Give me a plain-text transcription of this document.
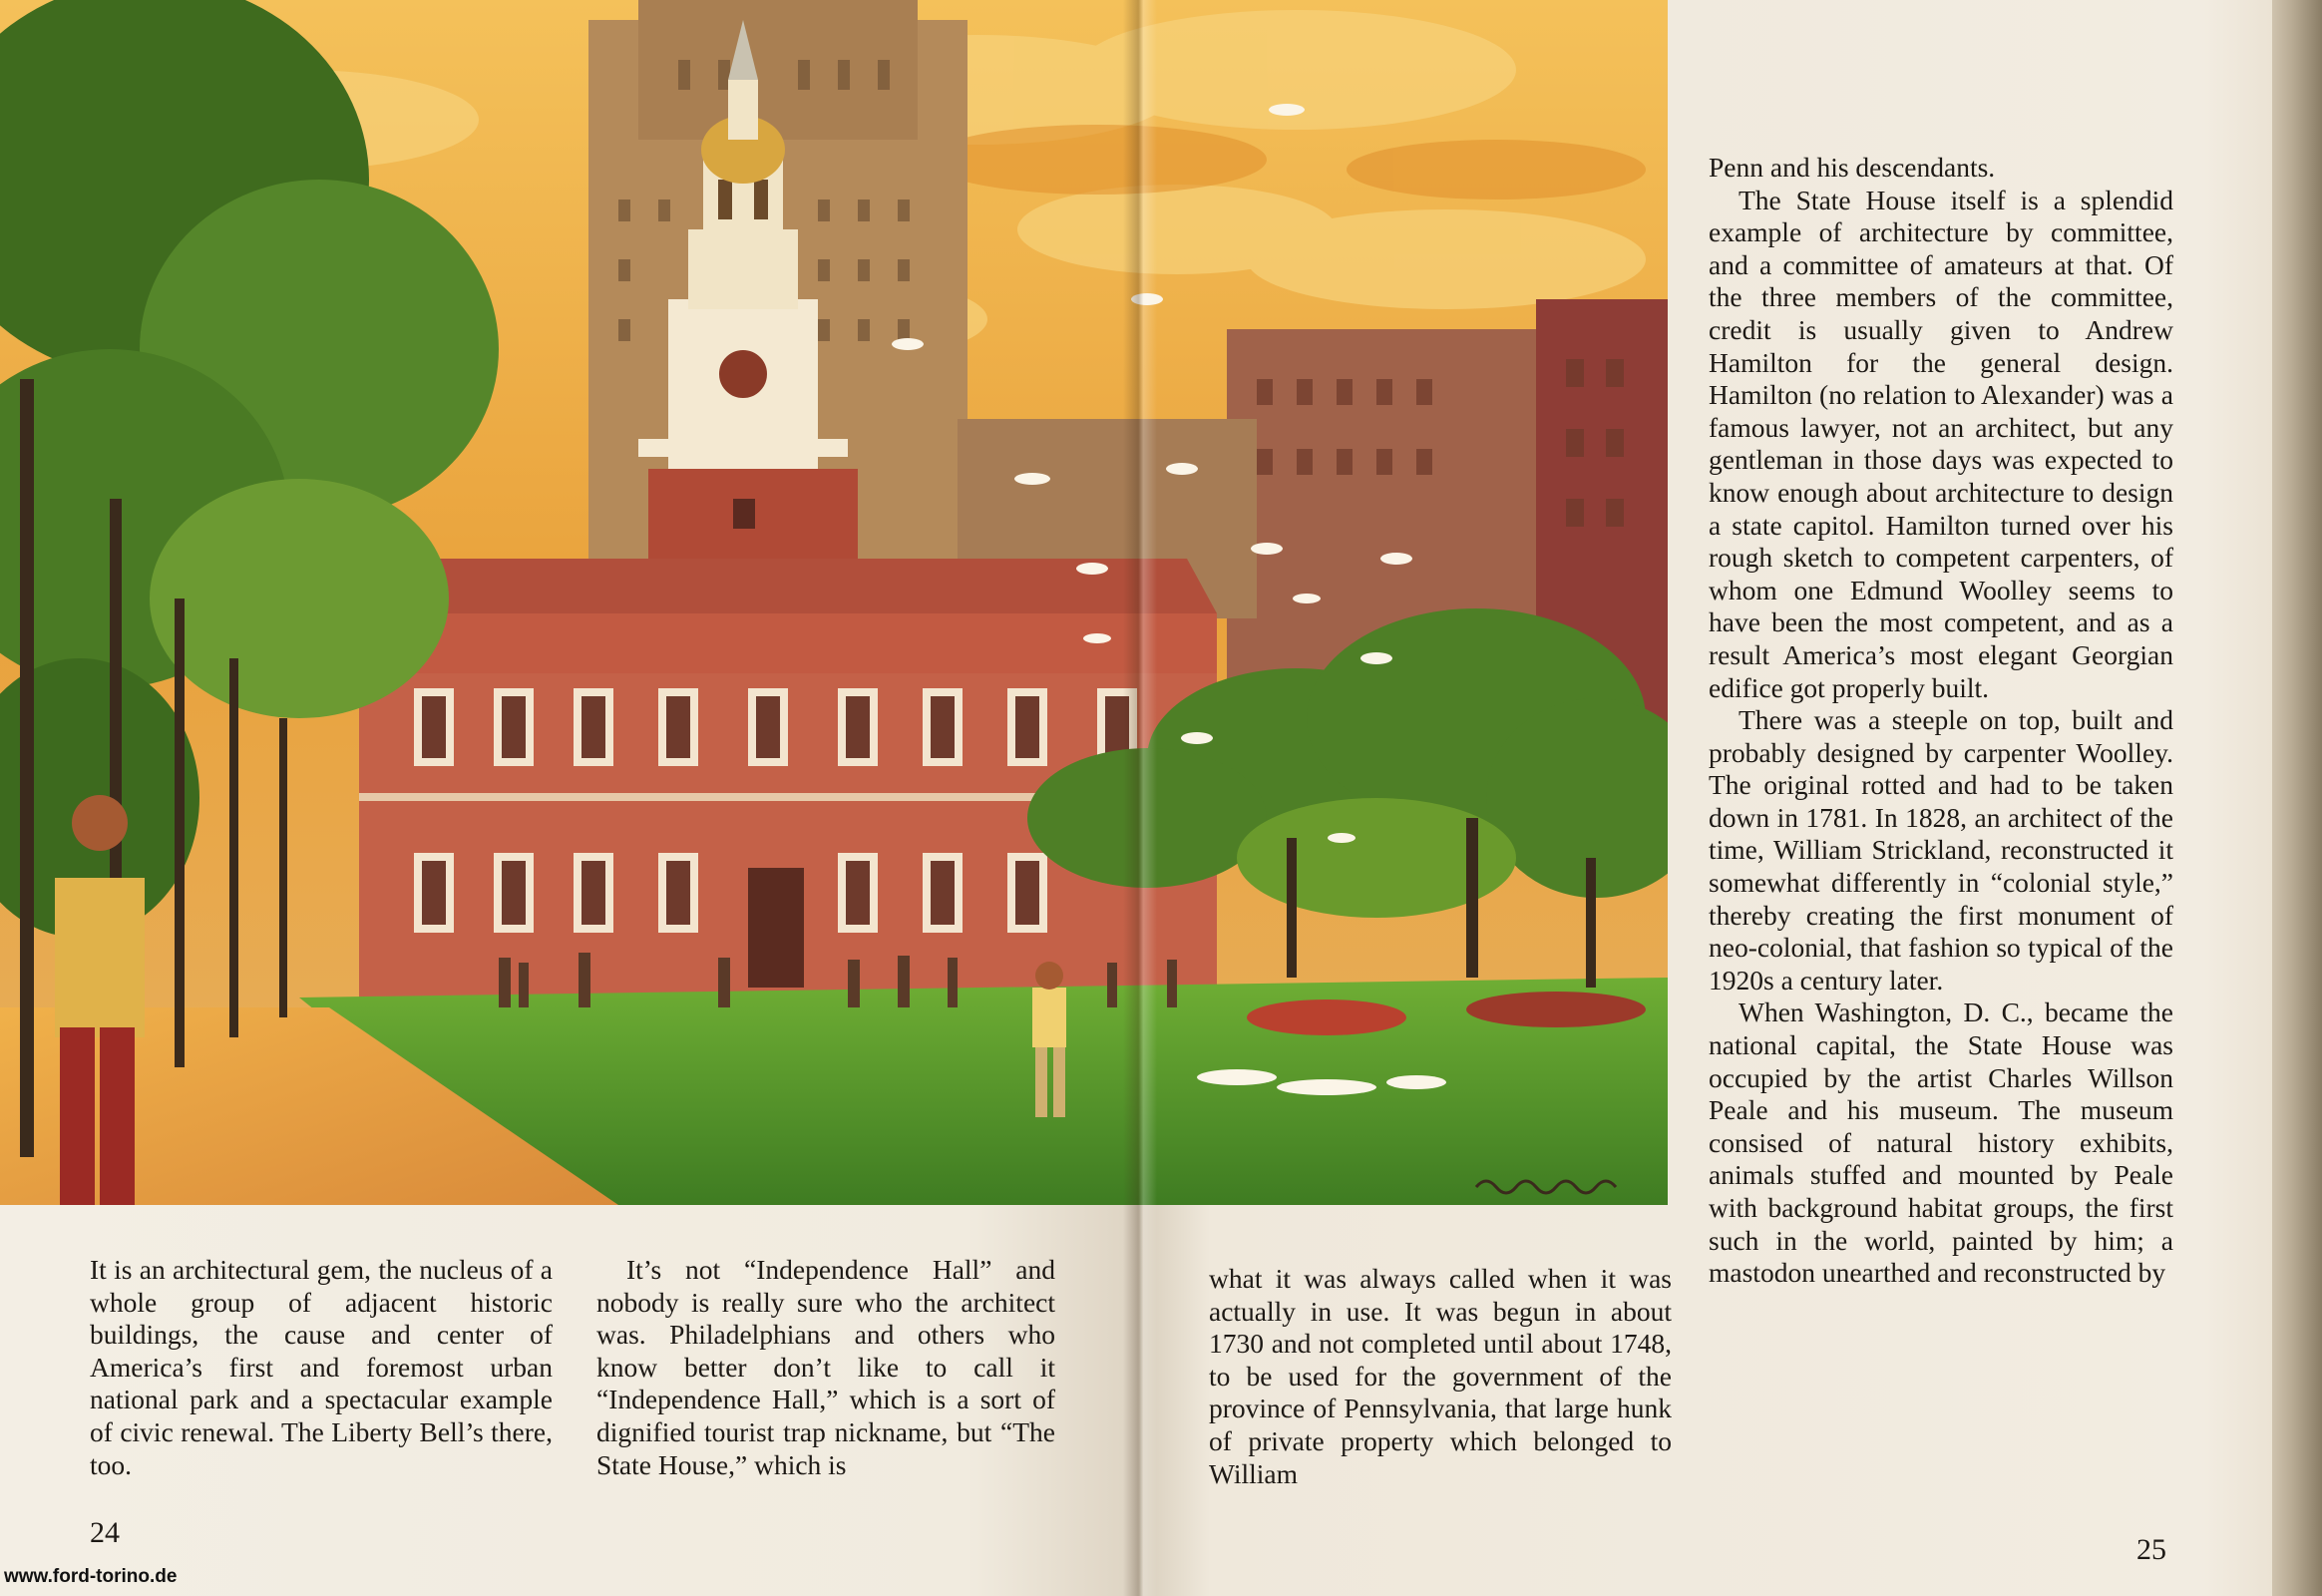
It is an architectural gem, the nucleus of a whole group of adjacent historic buildings, the cause and center of America’s first and foremost urban national park and a spectacular example of civic renewal. The Liberty Bell’s there, too.

It’s not “Independence Hall” and nobody is really sure who the architect was. Philadelphians and others who know better don’t like to call it “Independence Hall,” which is a sort of dignified tourist trap nickname, but “The State House,” which is

24

what it was always called when it was actually in use. It was begun in about 1730 and not completed until about 1748, to be used for the government of the province of Pennsylvania, that large hunk of private property which belonged to William

Penn and his descendants.

The State House itself is a splendid example of architecture by committee, and a committee of amateurs at that. Of the three members of the committee, credit is usually given to Andrew Hamilton for the general design. Hamilton (no relation to Alexander) was a famous lawyer, not an architect, but any gentleman in those days was expected to know enough about architecture to design a state capitol. Hamilton turned over his rough sketch to competent carpenters, of whom one Edmund Woolley seems to have been the most competent, and as a result America’s most elegant Georgian edifice got properly built.

There was a steeple on top, built and probably designed by carpenter Woolley. The original rotted and had to be taken down in 1781. In 1828, an architect of the time, William Strickland, reconstructed it somewhat differently in “colonial style,” thereby creating the first monument of neo-colonial, that fashion so typical of the 1920s a century later.

When Washington, D. C., became the national capital, the State House was occupied by the artist Charles Willson Peale and his museum. The museum consised of natural history exhibits, animals stuffed and mounted by Peale with background habitat groups, the first such in the world, painted by him; a mastodon unearthed and reconstructed by

25
www.ford-torino.de
